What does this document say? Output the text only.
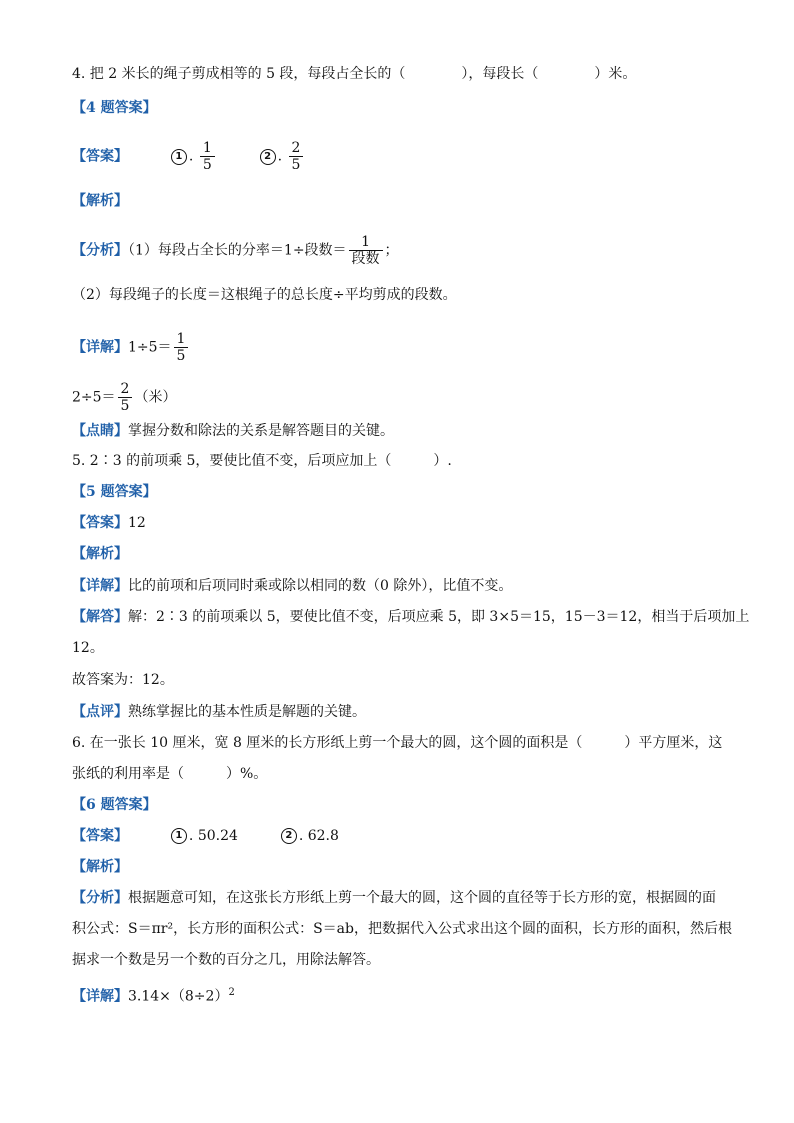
4. 把 2 米长的绳子剪成相等的 5 段，每段占全长的（　　　　），每段长（　　　　）米。
【4 题答案】
【答案】	1 . $\frac{1}{5}$	2 . $\frac{2}{5}$
【解析】
【分析】（1）每段占全长的分率＝1÷段数＝ $\frac{1}{\text{段数}}$ ；
（2）每段绳子的长度＝这根绳子的总长度÷平均剪成的段数。
【详解】$1\div 5= \frac{1}{5}$
$2\div 5= \frac{2}{5}$ （米）
【点睛】掌握分数和除法的关系是解答题目的关键。
5. 2∶3 的前项乘 5，要使比值不变，后项应加上（　　　）.
【5 题答案】
【答案】12
【解析】
【详解】比的前项和后项同时乘或除以相同的数（0 除外），比值不变。
【解答】解：2∶3 的前项乘以 5，要使比值不变，后项应乘 5，即 3×5＝15，15－3＝12，相当于后项加上
12。
故答案为：12。
【点评】熟练掌握比的基本性质是解题的关键。
6. 在一张长 10 厘米，宽 8 厘米的长方形纸上剪一个最大的圆，这个圆的面积是（　　　）平方厘米，这
张纸的利用率是（　　　）%。
【6 题答案】
【答案】	1 . 50.24	2 . 62.8
【解析】
【分析】根据题意可知，在这张长方形纸上剪一个最大的圆，这个圆的直径等于长方形的宽，根据圆的面
积公式：S＝πr²，长方形的面积公式：S＝ab，把数据代入公式求出这个圆的面积，长方形的面积，然后根
据求一个数是另一个数的百分之几，用除法解答。
【详解】$3.14\times(8\div 2)^2$
